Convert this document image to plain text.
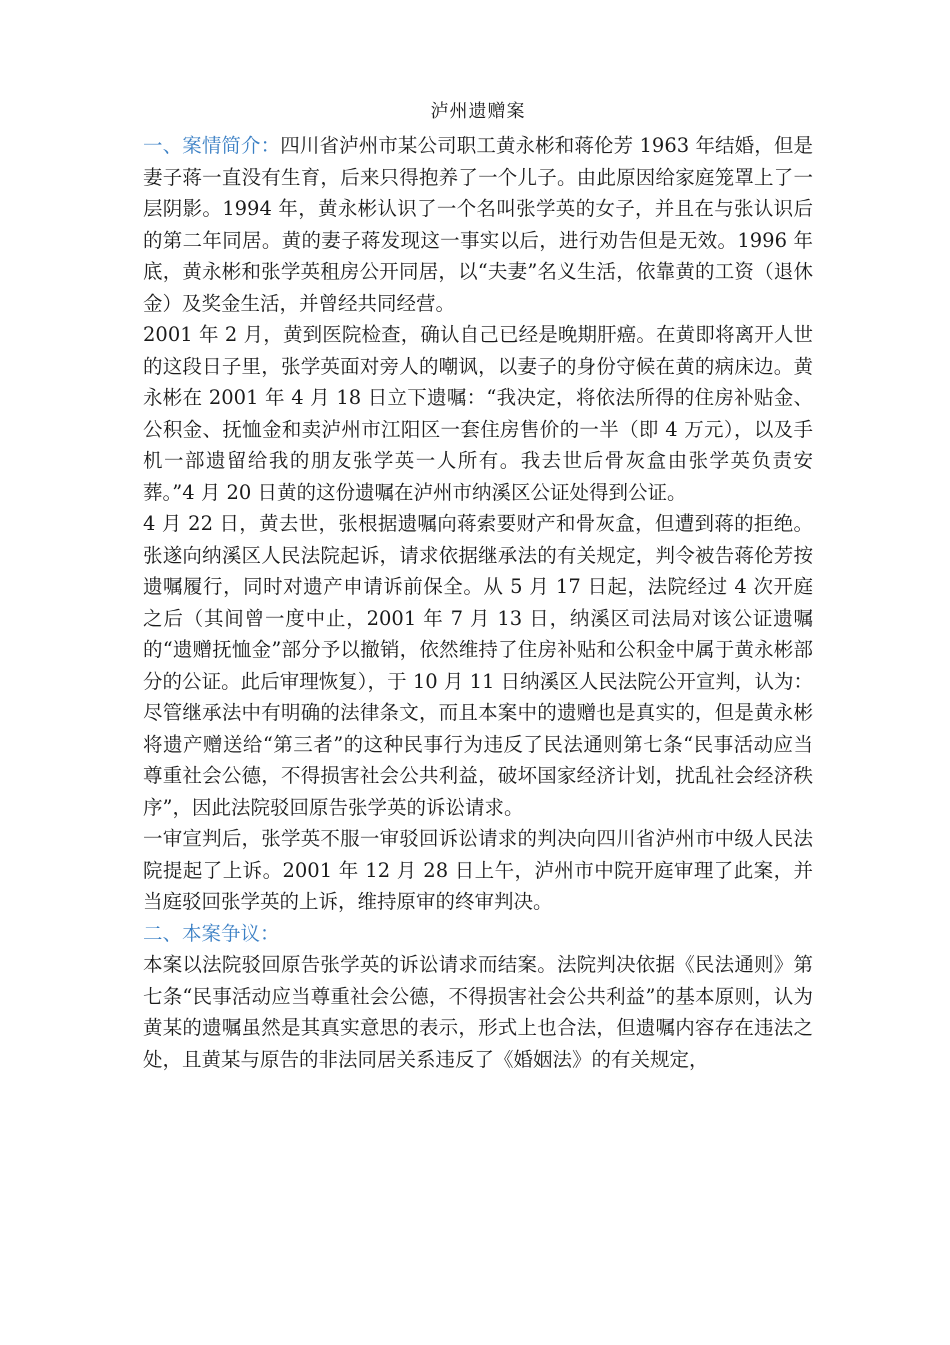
泸州遗赠案

一、案情简介：四川省泸州市某公司职工黄永彬和蒋伦芳 1963 年结婚，但是妻子蒋一直没有生育，后来只得抱养了一个儿子。由此原因给家庭笼罩上了一层阴影。1994 年，黄永彬认识了一个名叫张学英的女子，并且在与张认识后的第二年同居。黄的妻子蒋发现这一事实以后，进行劝告但是无效。1996 年底，黄永彬和张学英租房公开同居，以“夫妻”名义生活，依靠黄的工资（退休金）及奖金生活，并曾经共同经营。

2001 年 2 月，黄到医院检查，确认自己已经是晚期肝癌。在黄即将离开人世的这段日子里，张学英面对旁人的嘲讽，以妻子的身份守候在黄的病床边。黄永彬在 2001 年 4 月 18 日立下遗嘱：“我决定，将依法所得的住房补贴金、公积金、抚恤金和卖泸州市江阳区一套住房售价的一半（即 4 万元），以及手机一部遗留给我的朋友张学英一人所有。我去世后骨灰盒由张学英负责安葬。”4 月 20 日黄的这份遗嘱在泸州市纳溪区公证处得到公证。

4 月 22 日，黄去世，张根据遗嘱向蒋索要财产和骨灰盒，但遭到蒋的拒绝。张遂向纳溪区人民法院起诉，请求依据继承法的有关规定，判令被告蒋伦芳按遗嘱履行，同时对遗产申请诉前保全。从 5 月 17 日起，法院经过 4 次开庭之后（其间曾一度中止，2001 年 7 月 13 日，纳溪区司法局对该公证遗嘱的“遗赠抚恤金”部分予以撤销，依然维持了住房补贴和公积金中属于黄永彬部分的公证。此后审理恢复），于 10 月 11 日纳溪区人民法院公开宣判，认为：尽管继承法中有明确的法律条文，而且本案中的遗赠也是真实的，但是黄永彬将遗产赠送给“第三者”的这种民事行为违反了民法通则第七条“民事活动应当尊重社会公德，不得损害社会公共利益，破坏国家经济计划，扰乱社会经济秩序”，因此法院驳回原告张学英的诉讼请求。

一审宣判后，张学英不服一审驳回诉讼请求的判决向四川省泸州市中级人民法院提起了上诉。2001 年 12 月 28 日上午，泸州市中院开庭审理了此案，并当庭驳回张学英的上诉，维持原审的终审判决。

二、本案争议：

本案以法院驳回原告张学英的诉讼请求而结案。法院判决依据《民法通则》第七条“民事活动应当尊重社会公德，不得损害社会公共利益”的基本原则，认为黄某的遗嘱虽然是其真实意思的表示，形式上也合法，但遗嘱内容存在违法之处，且黄某与原告的非法同居关系违反了《婚姻法》的有关规定，
